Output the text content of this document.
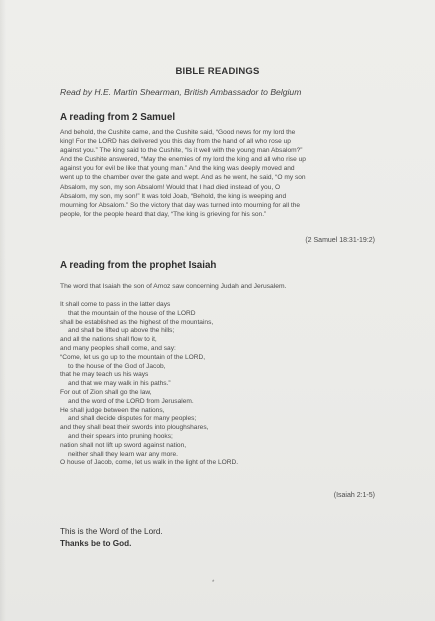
BIBLE READINGS
Read by H.E. Martin Shearman, British Ambassador to Belgium
A reading from 2 Samuel
And behold, the Cushite came, and the Cushite said, “Good news for my lord the
king! For the LORD has delivered you this day from the hand of all who rose up
against you.” The king said to the Cushite, “Is it well with the young man Absalom?”
And the Cushite answered, “May the enemies of my lord the king and all who rise up
against you for evil be like that young man.” And the king was deeply moved and
went up to the chamber over the gate and wept. And as he went, he said, “O my son
Absalom, my son, my son Absalom! Would that I had died instead of you, O
Absalom, my son, my son!” It was told Joab, “Behold, the king is weeping and
mourning for Absalom.” So the victory that day was turned into mourning for all the
people, for the people heard that day, “The king is grieving for his son.”
(2 Samuel 18:31-19:2)
A reading from the prophet Isaiah
The word that Isaiah the son of Amoz saw concerning Judah and Jerusalem.
It shall come to pass in the latter days
that the mountain of the house of the LORD
shall be established as the highest of the mountains,
and shall be lifted up above the hills;
and all the nations shall flow to it,
and many peoples shall come, and say:
“Come, let us go up to the mountain of the LORD,
to the house of the God of Jacob,
that he may teach us his ways
and that we may walk in his paths.”
For out of Zion shall go the law,
and the word of the LORD from Jerusalem.
He shall judge between the nations,
and shall decide disputes for many peoples;
and they shall beat their swords into ploughshares,
and their spears into pruning hooks;
nation shall not lift up sword against nation,
neither shall they learn war any more.
O house of Jacob, come, let us walk in the light of the LORD.
(Isaiah 2:1-5)
This is the Word of the Lord.
Thanks be to God.
*
